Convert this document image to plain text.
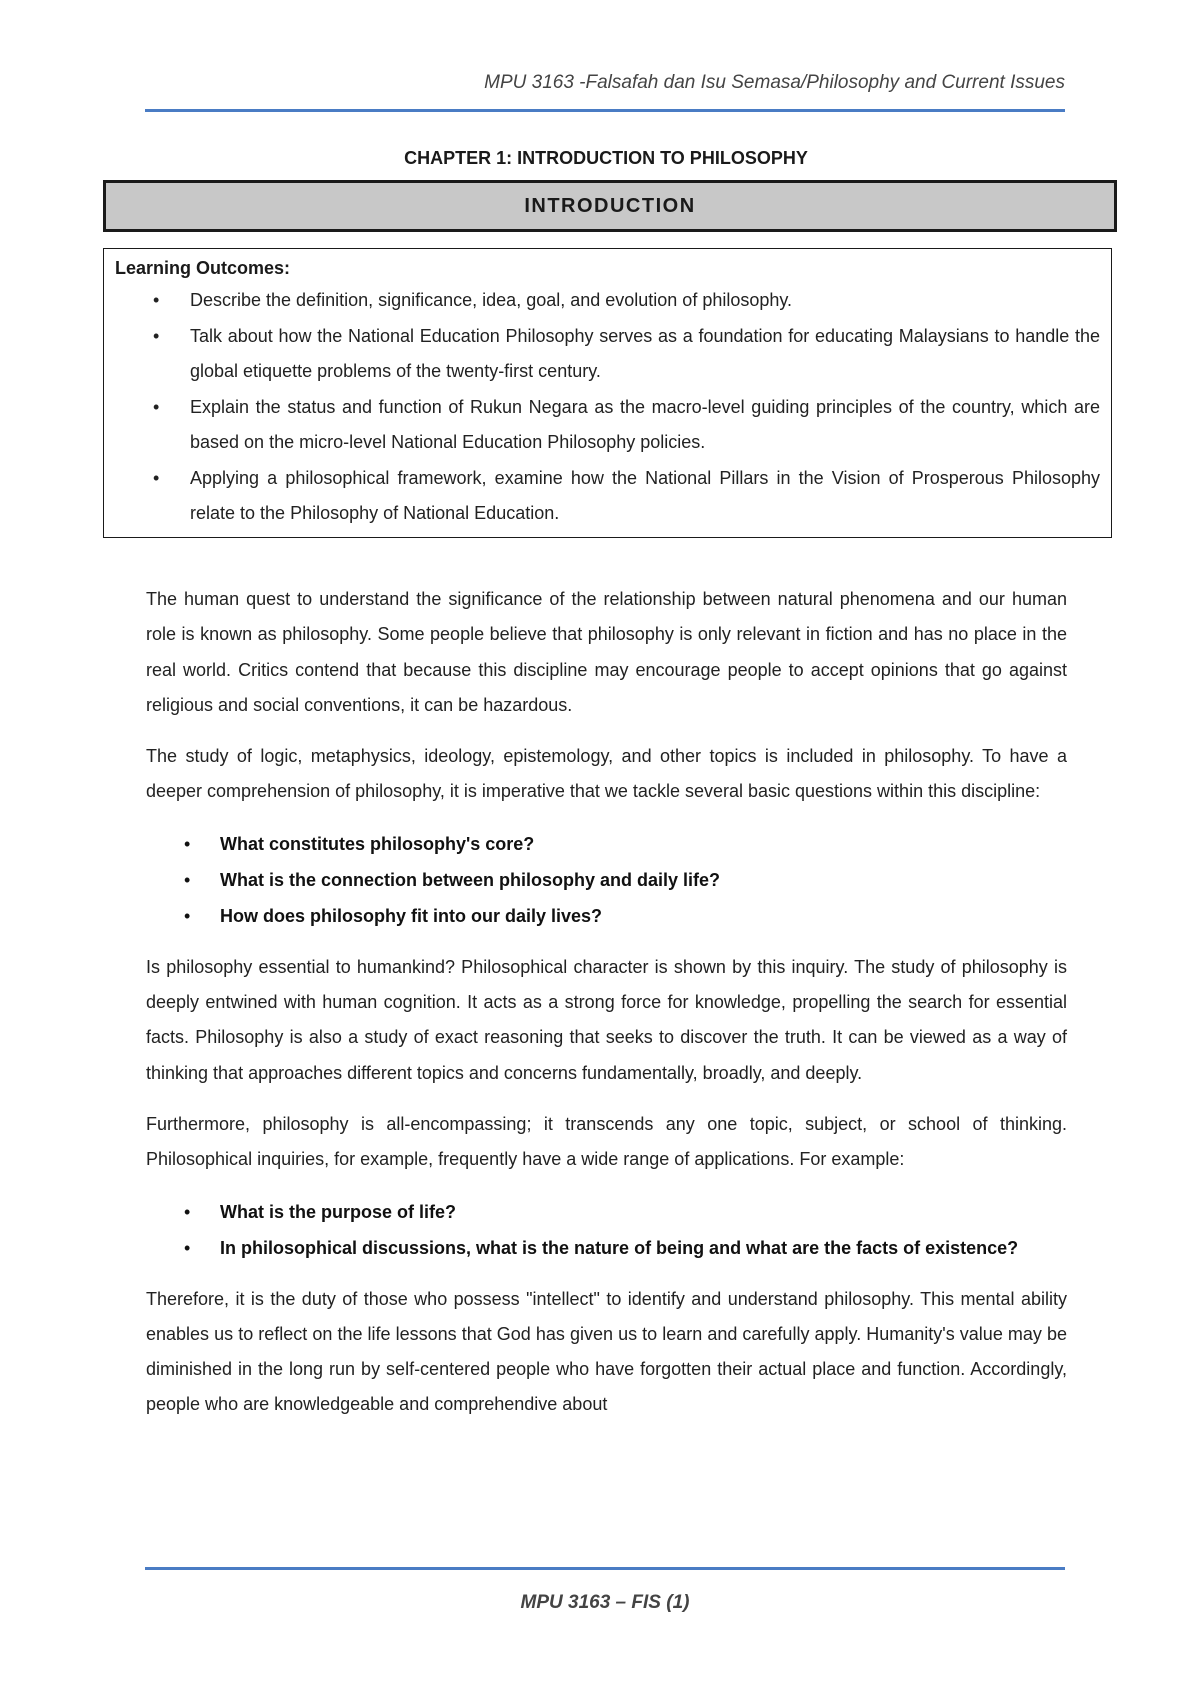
MPU 3163 -Falsafah dan Isu Semasa/Philosophy and Current Issues
CHAPTER 1: INTRODUCTION TO PHILOSOPHY
INTRODUCTION
Learning Outcomes:
• Describe the definition, significance, idea, goal, and evolution of philosophy.
• Talk about how the National Education Philosophy serves as a foundation for educating Malaysians to handle the global etiquette problems of the twenty-first century.
• Explain the status and function of Rukun Negara as the macro-level guiding principles of the country, which are based on the micro-level National Education Philosophy policies.
• Applying a philosophical framework, examine how the National Pillars in the Vision of Prosperous Philosophy relate to the Philosophy of National Education.

The human quest to understand the significance of the relationship between natural phenomena and our human role is known as philosophy. Some people believe that philosophy is only relevant in fiction and has no place in the real world. Critics contend that because this discipline may encourage people to accept opinions that go against religious and social conventions, it can be hazardous.

The study of logic, metaphysics, ideology, epistemology, and other topics is included in philosophy. To have a deeper comprehension of philosophy, it is imperative that we tackle several basic questions within this discipline:

• What constitutes philosophy's core?
• What is the connection between philosophy and daily life?
• How does philosophy fit into our daily lives?

Is philosophy essential to humankind? Philosophical character is shown by this inquiry. The study of philosophy is deeply entwined with human cognition. It acts as a strong force for knowledge, propelling the search for essential facts. Philosophy is also a study of exact reasoning that seeks to discover the truth. It can be viewed as a way of thinking that approaches different topics and concerns fundamentally, broadly, and deeply.

Furthermore, philosophy is all-encompassing; it transcends any one topic, subject, or school of thinking. Philosophical inquiries, for example, frequently have a wide range of applications. For example:

• What is the purpose of life?
• In philosophical discussions, what is the nature of being and what are the facts of existence?

Therefore, it is the duty of those who possess "intellect" to identify and understand philosophy. This mental ability enables us to reflect on the life lessons that God has given us to learn and carefully apply. Humanity's value may be diminished in the long run by self-centered people who have forgotten their actual place and function. Accordingly, people who are knowledgeable and comprehendive about

MPU 3163 – FIS (1)
